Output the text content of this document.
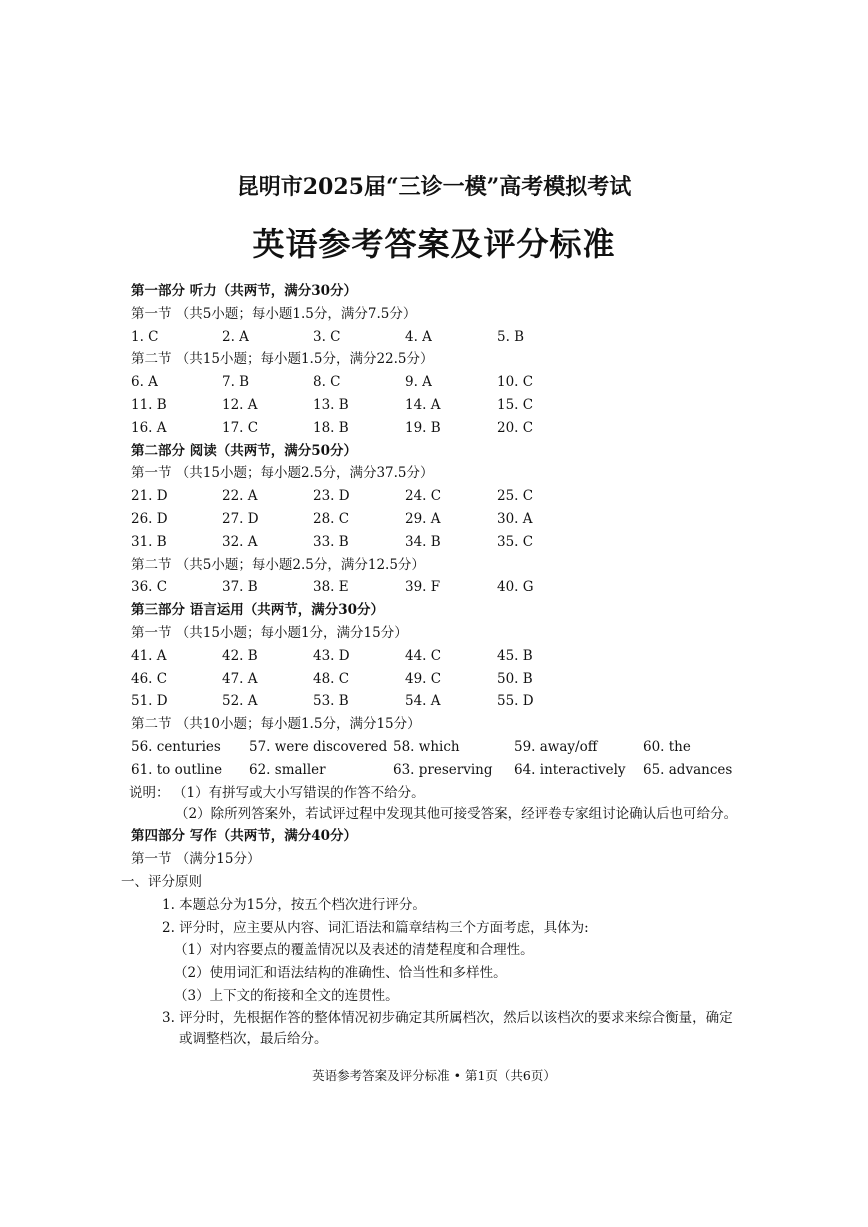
昆明市2025届“三诊一模”高考模拟考试
英语参考答案及评分标准
第一部分 听力（共两节，满分30分）
第一节 （共5小题；每小题1.5分，满分7.5分）
1. C	2. A	3. C	4. A	5. B
第二节 （共15小题；每小题1.5分，满分22.5分）
6. A	7. B	8. C	9. A	10. C
11. B	12. A	13. B	14. A	15. C
16. A	17. C	18. B	19. B	20. C
第二部分 阅读（共两节，满分50分）
第一节 （共15小题；每小题2.5分，满分37.5分）
21. D	22. A	23. D	24. C	25. C
26. D	27. D	28. C	29. A	30. A
31. B	32. A	33. B	34. B	35. C
第二节 （共5小题；每小题2.5分，满分12.5分）
36. C	37. B	38. E	39. F	40. G
第三部分 语言运用（共两节，满分30分）
第一节 （共15小题；每小题1分，满分15分）
41. A	42. B	43. D	44. C	45. B
46. C	47. A	48. C	49. C	50. B
51. D	52. A	53. B	54. A	55. D
第二节 （共10小题；每小题1.5分，满分15分）
56. centuries 57. were discovered 58. which	59. away/off	60. the
61. to outline 62. smaller	63. preserving 64. interactively 65. advances
说明： （1）有拼写或大小写错误的作答不给分。
（2）除所列答案外，若试评过程中发现其他可接受答案，经评卷专家组讨论确认后也可给分。
第四部分 写作（共两节，满分40分）
第一节 （满分15分）
一、评分原则
1. 本题总分为15分，按五个档次进行评分。
2. 评分时，应主要从内容、词汇语法和篇章结构三个方面考虑，具体为:
（1）对内容要点的覆盖情况以及表述的清楚程度和合理性。
（2）使用词汇和语法结构的准确性、恰当性和多样性。
（3）上下文的衔接和全文的连贯性。
3. 评分时，先根据作答的整体情况初步确定其所属档次，然后以该档次的要求来综合衡量，确定或调整档次，最后给分。
英语参考答案及评分标准 • 第1页（共6页）
